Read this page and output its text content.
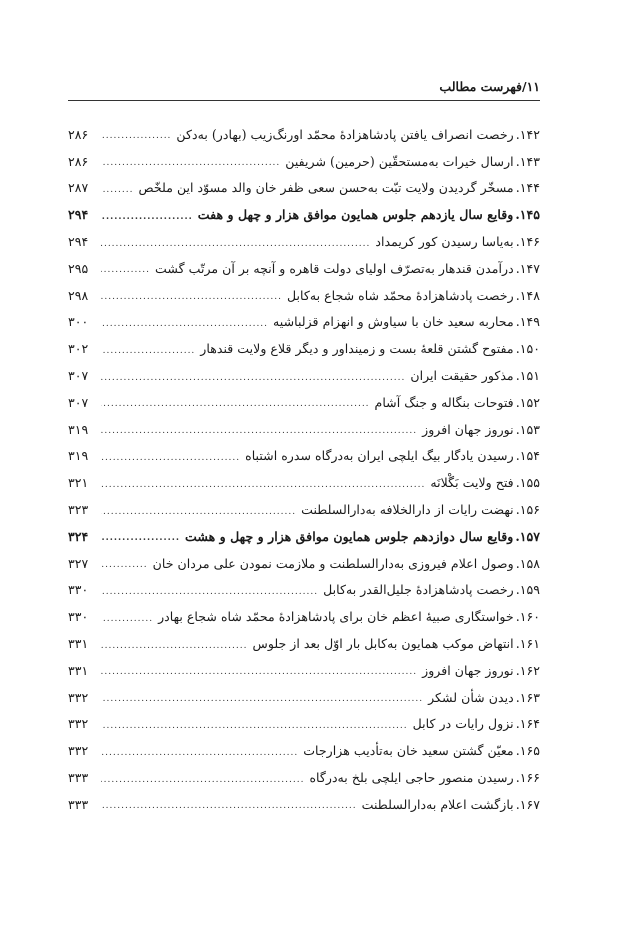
۱۱/فهرست مطالب
۱۴۲.
رخصت انصراف یافتن پادشاهزادهٔ محمّد اورنگ‌زیب (بهادر) به‌دکن
.....
۲۸۶
۱۴۳.
ارسال خیرات به‌مستحقّین (حرمین) شریفین
.....
۲۸۶
۱۴۴.
مسخّر گردیدن ولایت تبّت به‌حسن سعی ظفر خان والد مسوّد این ملخّص
.....
۲۸۷
۱۴۵.
وقایع سال یازدهم جلوس همایون موافق هزار و چهل و هفت
.....
۲۹۴
۱۴۶.
به‌یاسا رسیدن کور کریمداد
.....
۲۹۴
۱۴۷.
درآمدن قندهار به‌تصرّف اولیای دولت قاهره و آنچه بر آن مرتّب گشت
.....
۲۹۵
۱۴۸.
رخصت پادشاهزادهٔ محمّد شاه شجاع به‌کابل
.....
۲۹۸
۱۴۹.
محاربه سعید خان با سیاوش و انهزام قزلباشیه
.....
۳۰۰
۱۵۰.
مفتوح گشتن قلعهٔ بست و زمینداور و دیگر قلاع ولایت قندهار
.....
۳۰۲
۱۵۱.
مذکور حقیقت ایران
.....
۳۰۷
۱۵۲.
فتوحات بنگاله و جنگ آشام
.....
۳۰۷
۱۵۳.
نوروز جهان افروز
.....
۳۱۹
۱۵۴.
رسیدن یادگار بیگ ایلچی ایران به‌درگاه سدره اشتباه
.....
۳۱۹
۱۵۵.
فتح ولایت بَگْلانَه
.....
۳۲۱
۱۵۶.
نهضت رایات از دارالخلافه به‌دارالسلطنت
.....
۳۲۳
۱۵۷.
وقایع سال دوازدهم جلوس همایون موافق هزار و چهل و هشت
.....
۳۲۴
۱۵۸.
وصول اعلام فیروزی به‌دارالسلطنت و ملازمت نمودن علی مردان خان
.....
۳۲۷
۱۵۹.
رخصت پادشاهزادهٔ جلیل‌القدر به‌کابل
.....
۳۳۰
۱۶۰.
خواستگاری صبیهٔ اعظم خان برای پادشاهزادهٔ محمّد شاه شجاع بهادر
.....
۳۳۰
۱۶۱.
انتهاض موکب همایون به‌کابل بار اوّل بعد از جلوس
.....
۳۳۱
۱۶۲.
نوروز جهان افروز
.....
۳۳۱
۱۶۳.
دیدن شأن لشکر
.....
۳۳۲
۱۶۴.
نزول رایات در کابل
.....
۳۳۲
۱۶۵.
معیّن گشتن سعید خان به‌تأدیب هزارجات
.....
۳۳۲
۱۶۶.
رسیدن منصور حاجی ایلچی بلخ به‌درگاه
.....
۳۳۳
۱۶۷.
بازگشت اعلام به‌دارالسلطنت
.....
۳۳۳
